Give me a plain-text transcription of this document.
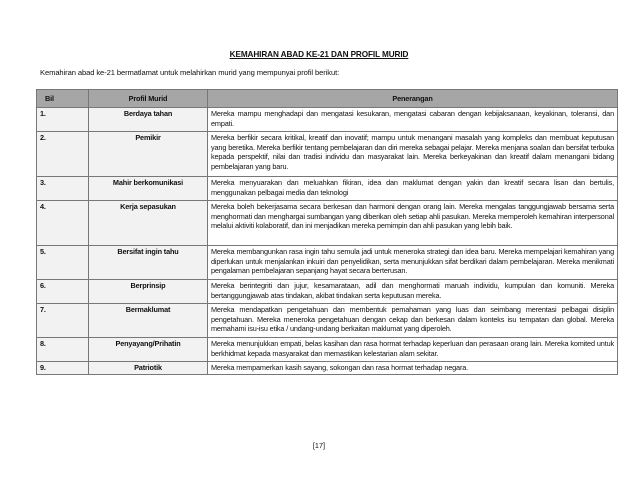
KEMAHIRAN ABAD KE-21 DAN PROFIL MURID
Kemahiran abad ke-21 bermatlamat untuk melahirkan murid yang mempunyai profil berikut:
Bil	Profil Murid	Penerangan
1.	Berdaya tahan	Mereka mampu menghadapi dan mengatasi kesukaran, mengatasi cabaran dengan kebijaksanaan, keyakinan, toleransi, dan empati.
2.	Pemikir	Mereka berfikir secara kritikal, kreatif dan inovatif; mampu untuk menangani masalah yang kompleks dan membuat keputusan yang beretika. Mereka berfikir tentang pembelajaran dan diri mereka sebagai pelajar. Mereka menjana soalan dan bersifat terbuka kepada perspektif, nilai dan tradisi individu dan masyarakat lain. Mereka berkeyakinan dan kreatif dalam menangani bidang pembelajaran yang baru.
3.	Mahir berkomunikasi	Mereka menyuarakan dan meluahkan fikiran, idea dan maklumat dengan yakin dan kreatif secara lisan dan bertulis, menggunakan pelbagai media dan teknologi
4.	Kerja sepasukan	Mereka boleh bekerjasama secara berkesan dan harmoni dengan orang lain. Mereka mengalas tanggungjawab bersama serta menghormati dan menghargai sumbangan yang diberikan oleh setiap ahli pasukan. Mereka memperoleh kemahiran interpersonal melalui aktiviti kolaboratif, dan ini menjadikan mereka pemimpin dan ahli pasukan yang lebih baik.
5.	Bersifat ingin tahu	Mereka membangunkan rasa ingin tahu semula jadi untuk meneroka strategi dan idea baru. Mereka mempelajari kemahiran yang diperlukan untuk menjalankan inkuiri dan penyelidikan, serta menunjukkan sifat berdikari dalam pembelajaran. Mereka menikmati pengalaman pembelajaran sepanjang hayat secara berterusan.
6.	Berprinsip	Mereka berintegriti dan jujur, kesamarataan, adil dan menghormati maruah individu, kumpulan dan komuniti. Mereka bertanggungjawab atas tindakan, akibat tindakan serta keputusan mereka.
7.	Bermaklumat	Mereka mendapatkan pengetahuan dan membentuk pemahaman yang luas dan seimbang merentasi pelbagai disiplin pengetahuan. Mereka meneroka pengetahuan dengan cekap dan berkesan dalam konteks isu tempatan dan global. Mereka memahami isu-isu etika / undang-undang berkaitan maklumat yang diperoleh.
8.	Penyayang/Prihatin	Mereka menunjukkan empati, belas kasihan dan rasa hormat terhadap keperluan dan perasaan orang lain. Mereka komited untuk berkhidmat kepada masyarakat dan memastikan kelestarian alam sekitar.
9.	Patriotik	Mereka mempamerkan kasih sayang, sokongan dan rasa hormat terhadap negara.
[17]
